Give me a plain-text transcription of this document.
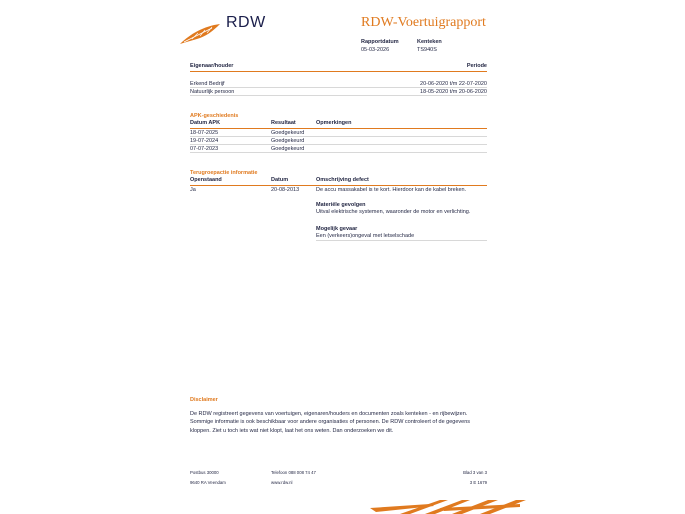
RDW	RDW-Voertuigrapport
Rapportdatum
05-03-2026
Kenteken
TS940S
Eigenaar/houder	Periode
Erkend Bedrijf	20-06-2020 t/m 22-07-2020
Natuurlijk persoon	18-05-2020 t/m 20-06-2020
APK-geschiedenis
Datum APK	Resultaat	Opmerkingen
18-07-2025	Goedgekeurd
19-07-2024	Goedgekeurd
07-07-2023	Goedgekeurd
Terugroepactie informatie
Openstaand	Datum	Omschrijving defect
Ja	20-08-2013	De accu massakabel is te kort. Hierdoor kan de kabel breken.
Materiële gevolgen
Uitval elektrische systemen, waaronder de motor en verlichting.
Mogelijk gevaar
Een (verkeers)ongeval met letselschade
Disclaimer
De RDW registreert gegevens van voertuigen, eigenaren/houders en documenten zoals kenteken - en rijbewijzen.
Sommige informatie is ook beschikbaar voor andere organisaties of personen. De RDW controleert of de gegevens
kloppen. Ziet u toch iets wat niet klopt, laat het ons weten. Dan onderzoeken we dit.
Postbus 30000
9640 RA Veendam
Telefoon 088 008 74 47
www.rdw.nl
Blad 3 van 3
3 E 1679
